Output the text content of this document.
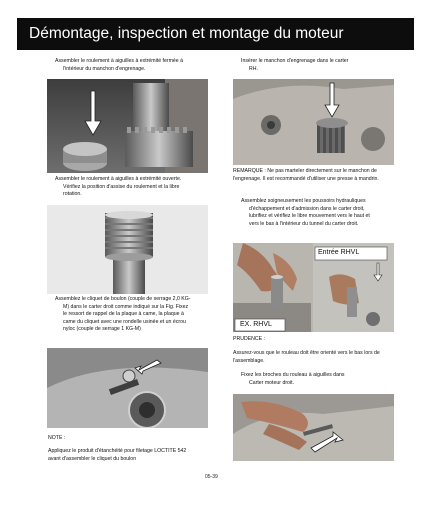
Démontage, inspection et montage du moteur
Assembler le roulement à aiguilles à extrémité fermée à

l'intérieur du manchon d'engrenage.
Assembler le roulement à aiguilles à extrémité ouverte.

Vérifiez la position d'assise du roulement et la libre
rotation.
Assemblez le cliquet de boulon (couple de serrage 2,0 KG-

M) dans le carter droit comme indiqué sur la Fig. Fixez
le ressort de rappel de la plaque à came, la plaque à
came du cliquet avec une rondelle usinée et un écrou
nylo​c (couple de serrage 1 KG-M)
NOTE :
Appliquez le produit d'étanchéité pour filetage LOCTITE 542
avant d'assembler le cliquet du boulon
Insérer le manchon d'engrenage dans le carter

RH.
REMARQUE : Ne pas marteler directement sur le manchon de
l'engrenage. Il est recommandé d'utiliser une presse à mandrin.
Assemblez soigneusement les poussoirs hydrauliques

d'échappement et d'admission dans le carter droit,
lubrifiez et vérifiez le libre mouvement vers le haut et
vers le bas à l'intérieur du tunnel du carter droit.
Entrée RHVL
EX. RHVL
PRUDENCE :
Assurez-vous que le rouleau doit être orienté vers le bas lors de
l'assemblage.
Fixez les broches du rouleau à aiguilles dans

Carter moteur droit.
05-39
